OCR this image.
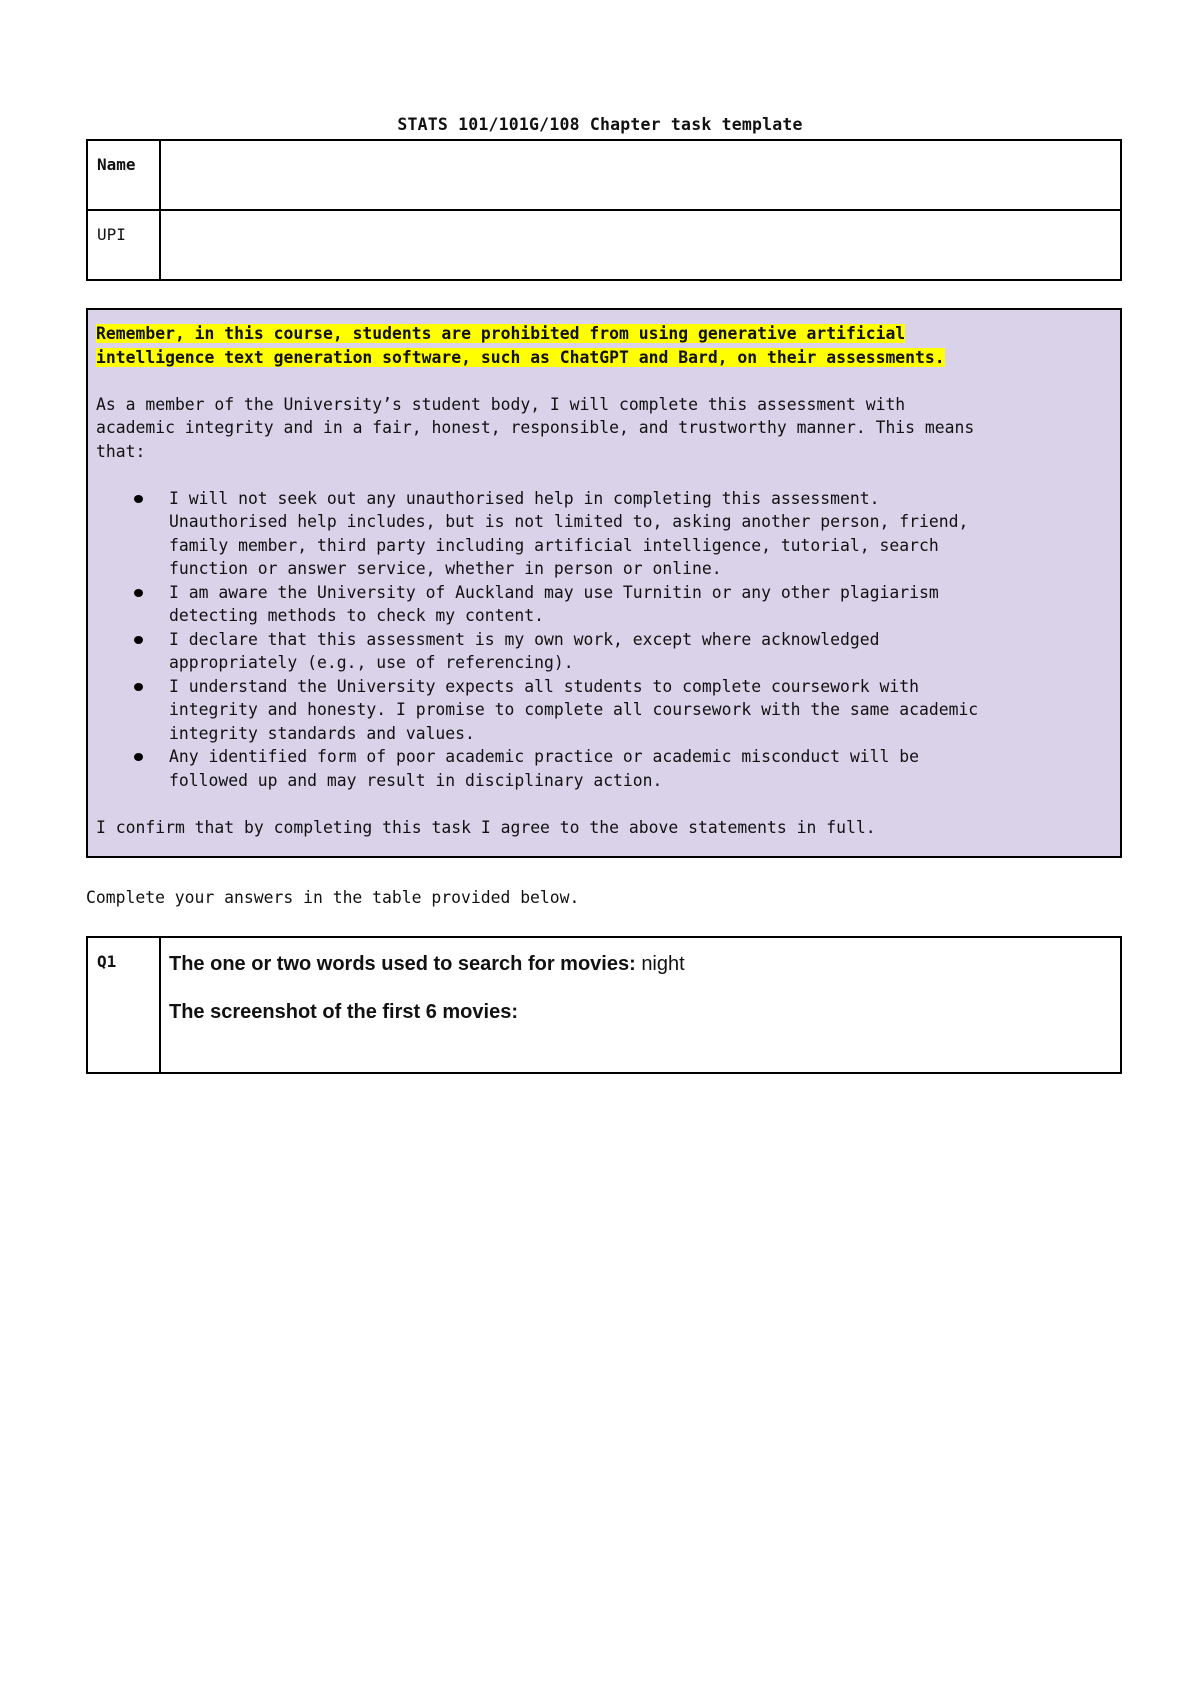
STATS 101/101G/108 Chapter task template
Name	
UPI	

Remember, in this course, students are prohibited from using generative artificial
intelligence text generation software, such as ChatGPT and Bard, on their assessments.

As a member of the University’s student body, I will complete this assessment with
academic integrity and in a fair, honest, responsible, and trustworthy manner. This means
that:

I will not seek out any unauthorised help in completing this assessment.
Unauthorised help includes, but is not limited to, asking another person, friend,
family member, third party including artificial intelligence, tutorial, search
function or answer service, whether in person or online.
I am aware the University of Auckland may use Turnitin or any other plagiarism
detecting methods to check my content.
I declare that this assessment is my own work, except where acknowledged
appropriately (e.g., use of referencing).
I understand the University expects all students to complete coursework with
integrity and honesty. I promise to complete all coursework with the same academic
integrity standards and values.
Any identified form of poor academic practice or academic misconduct will be
followed up and may result in disciplinary action.

I confirm that by completing this task I agree to the above statements in full.

Complete your answers in the table provided below.
Q1	The one or two words used to search for movies: night

The screenshot of the first 6 movies:
